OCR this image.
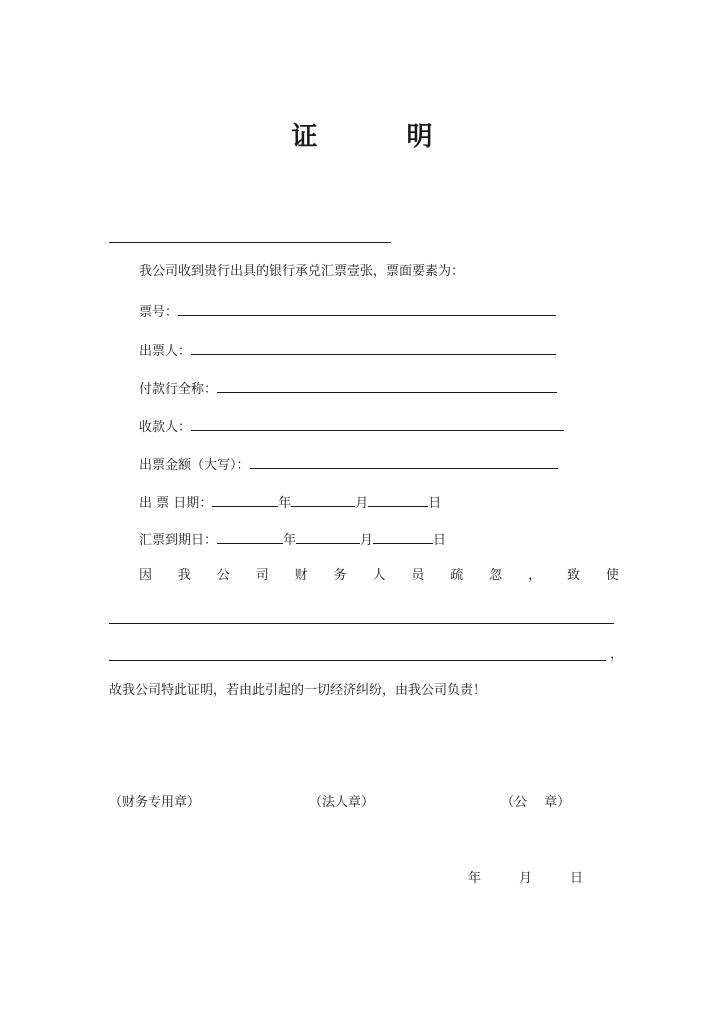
证 明
我公司收到贵行出具的银行承兑汇票壹张，票面要素为：
票号：
出票人：
付款行全称：
收款人：
出票金额（大写）：
出 票 日期：	年	月	日
汇票到期日：	年	月	日
因 我 公 司 财 务 人 员 疏 忽 ， 致 使
，
故我公司特此证明，若由此引起的一切经济纠纷，由我公司负责！
（财务专用章）	（法人章）	（公　 章）
年	月	日
